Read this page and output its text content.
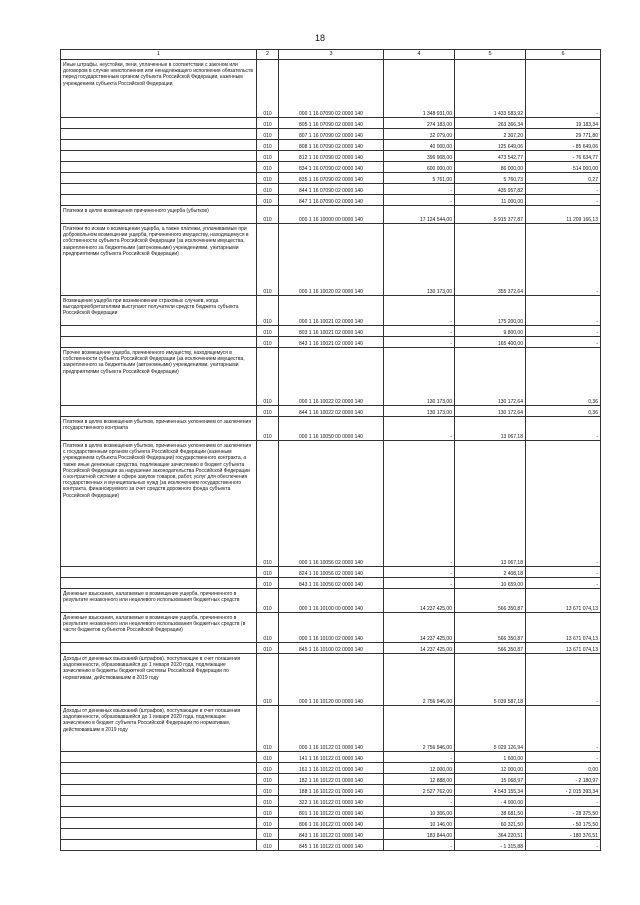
18
1	2	3	4	5	6
Иные штрафы, неустойки, пени, уплаченные в соответствии с законом или договором в случае неисполнения или ненадлежащего исполнения обязательств перед государственным органом субъекта Российской Федерации, казенным учреждением субъекта Российской Федерации	010	000 1 16 07090 02 0000 140	1 348 931,00	1 433 583,92	-
	010	805 1 16 07090 02 0000 140	274 183,00	263 366,34	19 183,34
	010	807 1 16 07090 02 0000 140	32 079,00	2 307,20	29 771,80
	010	808 1 16 07090 02 0000 140	40 000,00	125 649,06	- 85 649,06
	010	812 1 16 07090 02 0000 140	396 908,00	473 542,77	- 76 634,77
	010	834 1 16 07090 02 0000 140	600 000,00	86 000,00	514 000,00
	010	835 1 16 07090 02 0000 140	5 761,00	5 760,73	0,27
	010	844 1 16 07090 02 0000 140	-	435 957,82	-
	010	847 1 16 07090 02 0000 140	-	11 000,00	-
Платежи в целях возмещения причиненного ущерба (убытков)	010	000 1 16 10000 00 0000 140	17 124 544,00	5 915 377,87	11 209 166,13
Платежи по искам о возмещении ущерба, а также платежи, уплачиваемые при добровольном возмещении ущерба, причиненного имуществу, находящемуся в собственности субъекта Российской Федерации (за исключением имущества, закрепленного за бюджетными (автономными) учреждениями, унитарными предприятиями субъекта Российской Федерации)	010	000 1 16 10020 02 0000 140	130 173,00	355 372,64	-
Возмещение ущерба при возникновении страховых случаев, когда выгодоприобретателями выступают получатели средств бюджета субъекта Российской Федерации	010	000 1 16 10021 02 0000 140	-	175 200,00	-
	010	803 1 16 10021 02 0000 140	-	9 800,00	-
	010	843 1 16 10021 02 0000 140	-	165 400,00	-
Прочее возмещение ущерба, причиненного имуществу, находящемуся в собственности субъекта Российской Федерации (за исключением имущества, закрепленного за бюджетными (автономными) учреждениями, унитарными предприятиями субъекта Российской Федерации)	010	000 1 16 10022 02 0000 140	130 173,00	130 172,64	0,36
	010	844 1 16 10022 02 0000 140	130 173,00	130 172,64	0,36
Платежи в целях возмещения убытков, причиненных уклонением от заключения государственного контракта	010	000 1 16 10050 00 0000 140	-	13 067,18	-
Платежи в целях возмещения убытков, причиненных уклонением от заключения с государственным органом субъекта Российской Федерации (казенным учреждением субъекта Российской Федерации) государственного контракта, а также иные денежные средства, подлежащие зачислению в бюджет субъекта Российской Федерации за нарушение законодательства Российской Федерации о контрактной системе в сфере закупок товаров, работ, услуг для обеспечения государственных и муниципальных нужд (за исключением государственного контракта, финансируемого за счет средств дорожного фонда субъекта Российской Федерации)	010	000 1 16 10056 02 0000 140	-	13 067,18	-
	010	824 1 16 10056 02 0000 140	-	2 408,18	-
	010	843 1 16 10056 02 0000 140	-	10 659,00	-
Денежные взыскания, налагаемые в возмещение ущерба, причиненного в результате незаконного или нецелевого использования бюджетных средств	010	000 1 16 10100 00 0000 140	14 237 425,00	566 350,87	13 671 074,13
Денежные взыскания, налагаемые в возмещение ущерба, причиненного в результате незаконного или нецелевого использования бюджетных средств (в части бюджетов субъектов Российской Федерации)	010	000 1 16 10100 02 0000 140	14 237 425,00	566 350,87	13 671 074,13
	010	845 1 16 10100 02 0000 140	14 237 425,00	566 350,87	13 671 074,13
Доходы от денежных взысканий (штрафов), поступающие в счет погашения задолженности, образовавшейся до 1 января 2020 года, подлежащие зачислению в бюджеты бюджетной системы Российской Федерации по нормативам, действовавшим в 2019 году	010	000 1 16 10120 00 0000 140	2 756 946,00	5 039 587,18	-
Доходы от денежных взысканий (штрафов), поступающие в счет погашения задолженности, образовавшейся до 1 января 2020 года, подлежащие зачислению в бюджет субъекта Российской Федерации по нормативам, действовавшим в 2019 году	010	000 1 16 10122 01 0000 140	2 756 946,00	5 029 126,94	-
	010	141 1 16 10122 01 0000 140	-	1 600,00	-
	010	161 1 16 10122 01 0000 140	12 000,00	12 000,00	0,00
	010	182 1 16 10122 01 0000 140	12 888,00	15 068,97	- 2 180,97
	010	188 1 16 10122 01 0000 140	2 527 762,00	4 543 155,34	- 2 015 393,34
	010	322 1 16 10122 01 0000 140	-	- 4 000,00	-
	010	801 1 16 10122 01 0000 140	10 306,00	38 681,50	- 28 375,50
	010	806 1 16 10122 01 0000 140	10 146,00	60 321,50	- 50 175,50
	010	843 1 16 10122 01 0000 140	183 844,00	364 220,51	- 180 376,51
	010	845 1 16 10122 01 0000 140	-	- 1 315,88	-
